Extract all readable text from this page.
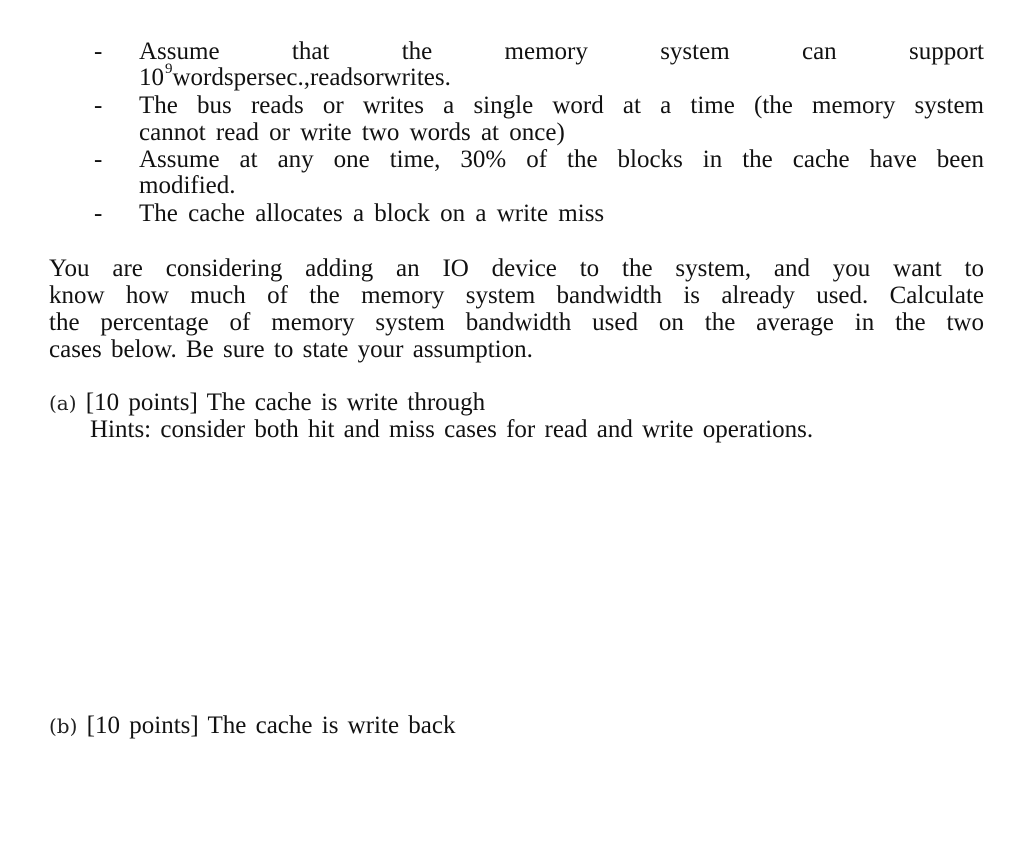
- Assume that the memory system can support
$10^9wordspersec.,readsorwrites$.
- The bus reads or writes a single word at a time (the memory system
cannot read or write two words at once)
- Assume at any one time, 30% of the blocks in the cache have been
modified.
- The cache allocates a block on a write miss
You are considering adding an IO device to the system, and you want to
know how much of the memory system bandwidth is already used. Calculate
the percentage of memory system bandwidth used on the average in the two
cases below. Be sure to state your assumption.
(a) [10 points] The cache is write through
Hints: consider both hit and miss cases for read and write operations.
(b) [10 points] The cache is write back
